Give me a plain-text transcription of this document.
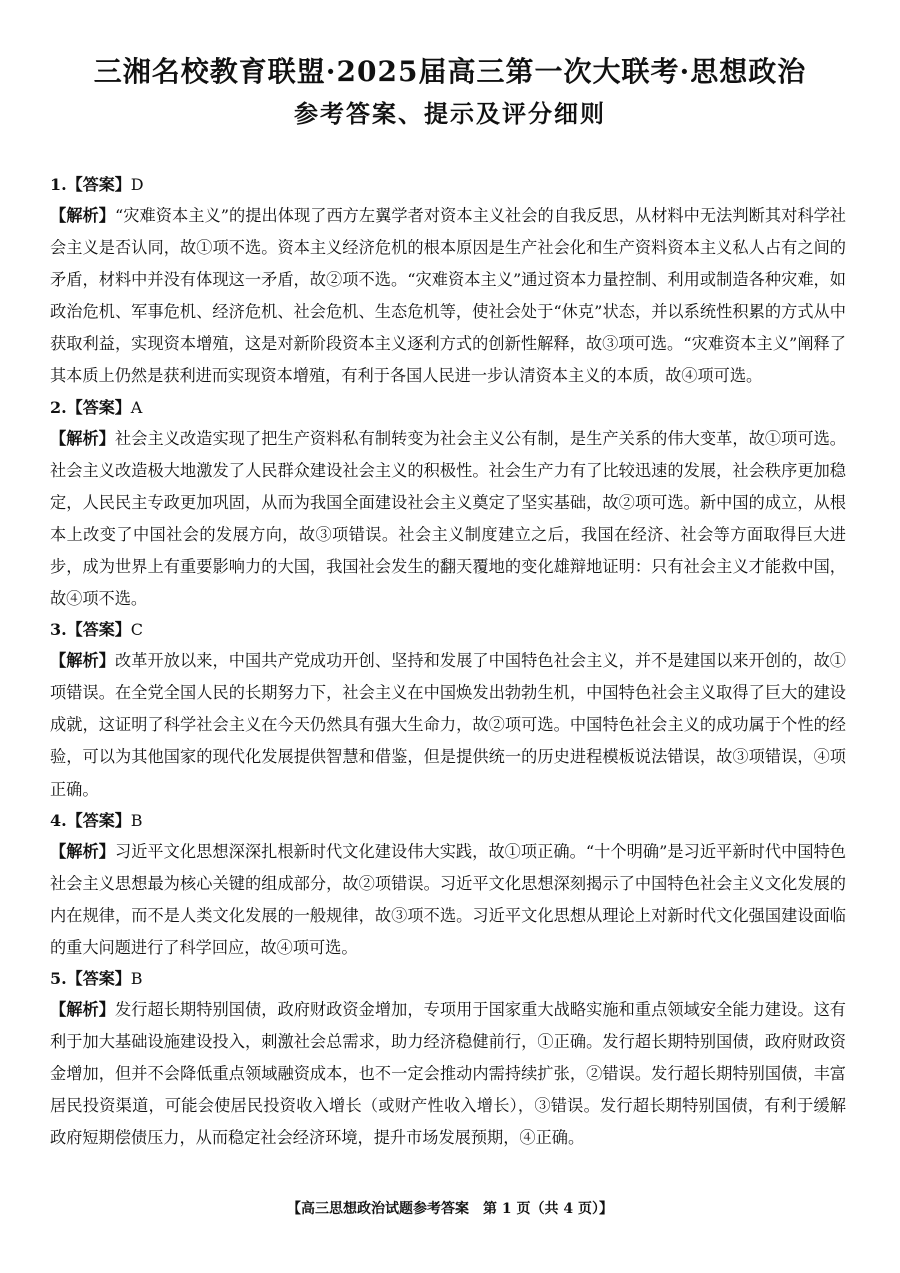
三湘名校教育联盟·2025届高三第一次大联考·思想政治
参考答案、提示及评分细则
1.【答案】D

【解析】“灾难资本主义”的提出体现了西方左翼学者对资本主义社会的自我反思，从材料中无法判断其对科学社会主义是否认同，故①项不选。资本主义经济危机的根本原因是生产社会化和生产资料资本主义私人占有之间的矛盾，材料中并没有体现这一矛盾，故②项不选。“灾难资本主义”通过资本力量控制、利用或制造各种灾难，如政治危机、军事危机、经济危机、社会危机、生态危机等，使社会处于“休克”状态，并以系统性积累的方式从中获取利益，实现资本增殖，这是对新阶段资本主义逐利方式的创新性解释，故③项可选。“灾难资本主义”阐释了其本质上仍然是获利进而实现资本增殖，有利于各国人民进一步认清资本主义的本质，故④项可选。

2.【答案】A

【解析】社会主义改造实现了把生产资料私有制转变为社会主义公有制，是生产关系的伟大变革，故①项可选。社会主义改造极大地激发了人民群众建设社会主义的积极性。社会生产力有了比较迅速的发展，社会秩序更加稳定，人民民主专政更加巩固，从而为我国全面建设社会主义奠定了坚实基础，故②项可选。新中国的成立，从根本上改变了中国社会的发展方向，故③项错误。社会主义制度建立之后，我国在经济、社会等方面取得巨大进步，成为世界上有重要影响力的大国，我国社会发生的翻天覆地的变化雄辩地证明：只有社会主义才能救中国，故④项不选。

3.【答案】C

【解析】改革开放以来，中国共产党成功开创、坚持和发展了中国特色社会主义，并不是建国以来开创的，故①项错误。在全党全国人民的长期努力下，社会主义在中国焕发出勃勃生机，中国特色社会主义取得了巨大的建设成就，这证明了科学社会主义在今天仍然具有强大生命力，故②项可选。中国特色社会主义的成功属于个性的经验，可以为其他国家的现代化发展提供智慧和借鉴，但是提供统一的历史进程模板说法错误，故③项错误，④项正确。

4.【答案】B

【解析】习近平文化思想深深扎根新时代文化建设伟大实践，故①项正确。“十个明确”是习近平新时代中国特色社会主义思想最为核心关键的组成部分，故②项错误。习近平文化思想深刻揭示了中国特色社会主义文化发展的内在规律，而不是人类文化发展的一般规律，故③项不选。习近平文化思想从理论上对新时代文化强国建设面临的重大问题进行了科学回应，故④项可选。

5.【答案】B

【解析】发行超长期特别国债，政府财政资金增加，专项用于国家重大战略实施和重点领域安全能力建设。这有利于加大基础设施建设投入，刺激社会总需求，助力经济稳健前行，①正确。发行超长期特别国债，政府财政资金增加，但并不会降低重点领域融资成本，也不一定会推动内需持续扩张，②错误。发行超长期特别国债，丰富居民投资渠道，可能会使居民投资收入增长（或财产性收入增长），③错误。发行超长期特别国债，有利于缓解政府短期偿债压力，从而稳定社会经济环境，提升市场发展预期，④正确。

【高三思想政治试题参考答案　第 1 页（共 4 页）】
